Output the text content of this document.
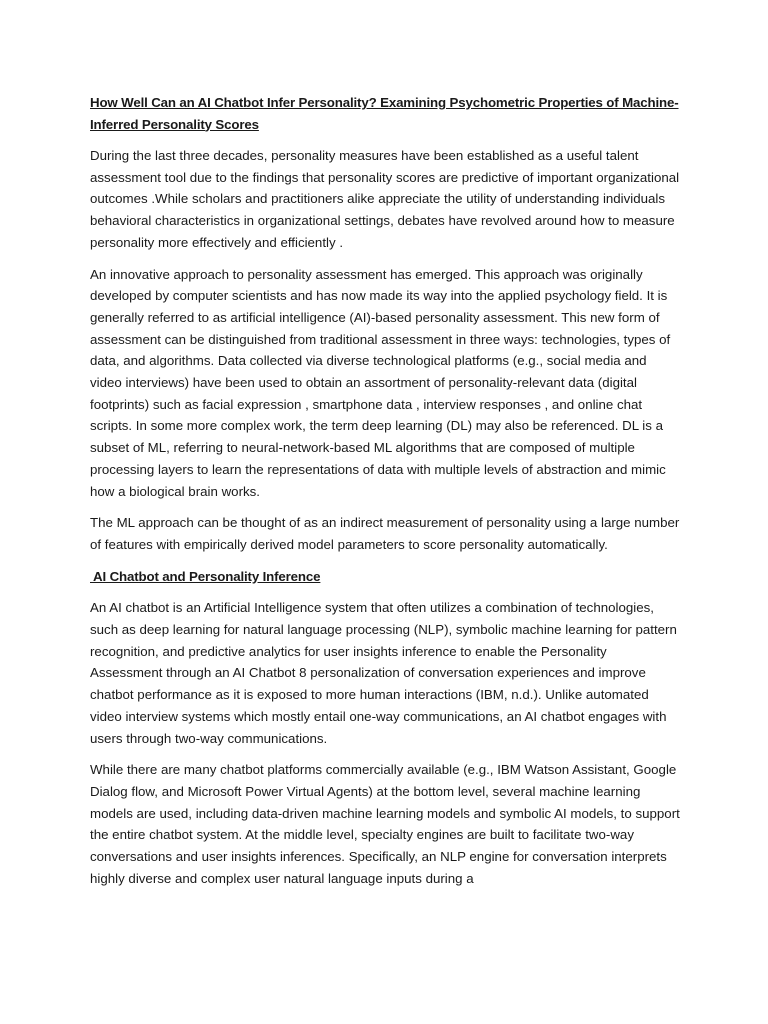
How Well Can an AI Chatbot Infer Personality? Examining Psychometric Properties of Machine-Inferred Personality Scores

During the last three decades, personality measures have been established as a useful talent assessment tool due to the findings that personality scores are predictive of important organizational outcomes .While scholars and practitioners alike appreciate the utility of understanding individuals behavioral characteristics in organizational settings, debates have revolved around how to measure personality more effectively and efficiently .

An innovative approach to personality assessment has emerged. This approach was originally developed by computer scientists and has now made its way into the applied psychology field. It is generally referred to as artificial intelligence (AI)-based personality assessment. This new form of assessment can be distinguished from traditional assessment in three ways: technologies, types of data, and algorithms. Data collected via diverse technological platforms (e.g., social media and video interviews) have been used to obtain an assortment of personality-relevant data (digital footprints) such as facial expression , smartphone data , interview responses , and online chat scripts. In some more complex work, the term deep learning (DL) may also be referenced. DL is a subset of ML, referring to neural-network-based ML algorithms that are composed of multiple processing layers to learn the representations of data with multiple levels of abstraction and mimic how a biological brain works.

The ML approach can be thought of as an indirect measurement of personality using a large number of features with empirically derived model parameters to score personality automatically.

AI Chatbot and Personality Inference

An AI chatbot is an Artificial Intelligence system that often utilizes a combination of technologies, such as deep learning for natural language processing (NLP), symbolic machine learning for pattern recognition, and predictive analytics for user insights inference to enable the Personality Assessment through an AI Chatbot 8 personalization of conversation experiences and improve chatbot performance as it is exposed to more human interactions (IBM, n.d.). Unlike automated video interview systems which mostly entail one-way communications, an AI chatbot engages with users through two-way communications.

While there are many chatbot platforms commercially available (e.g., IBM Watson Assistant, Google Dialog flow, and Microsoft Power Virtual Agents) at the bottom level, several machine learning models are used, including data-driven machine learning models and symbolic AI models, to support the entire chatbot system. At the middle level, specialty engines are built to facilitate two-way conversations and user insights inferences. Specifically, an NLP engine for conversation interprets highly diverse and complex user natural language inputs during a
